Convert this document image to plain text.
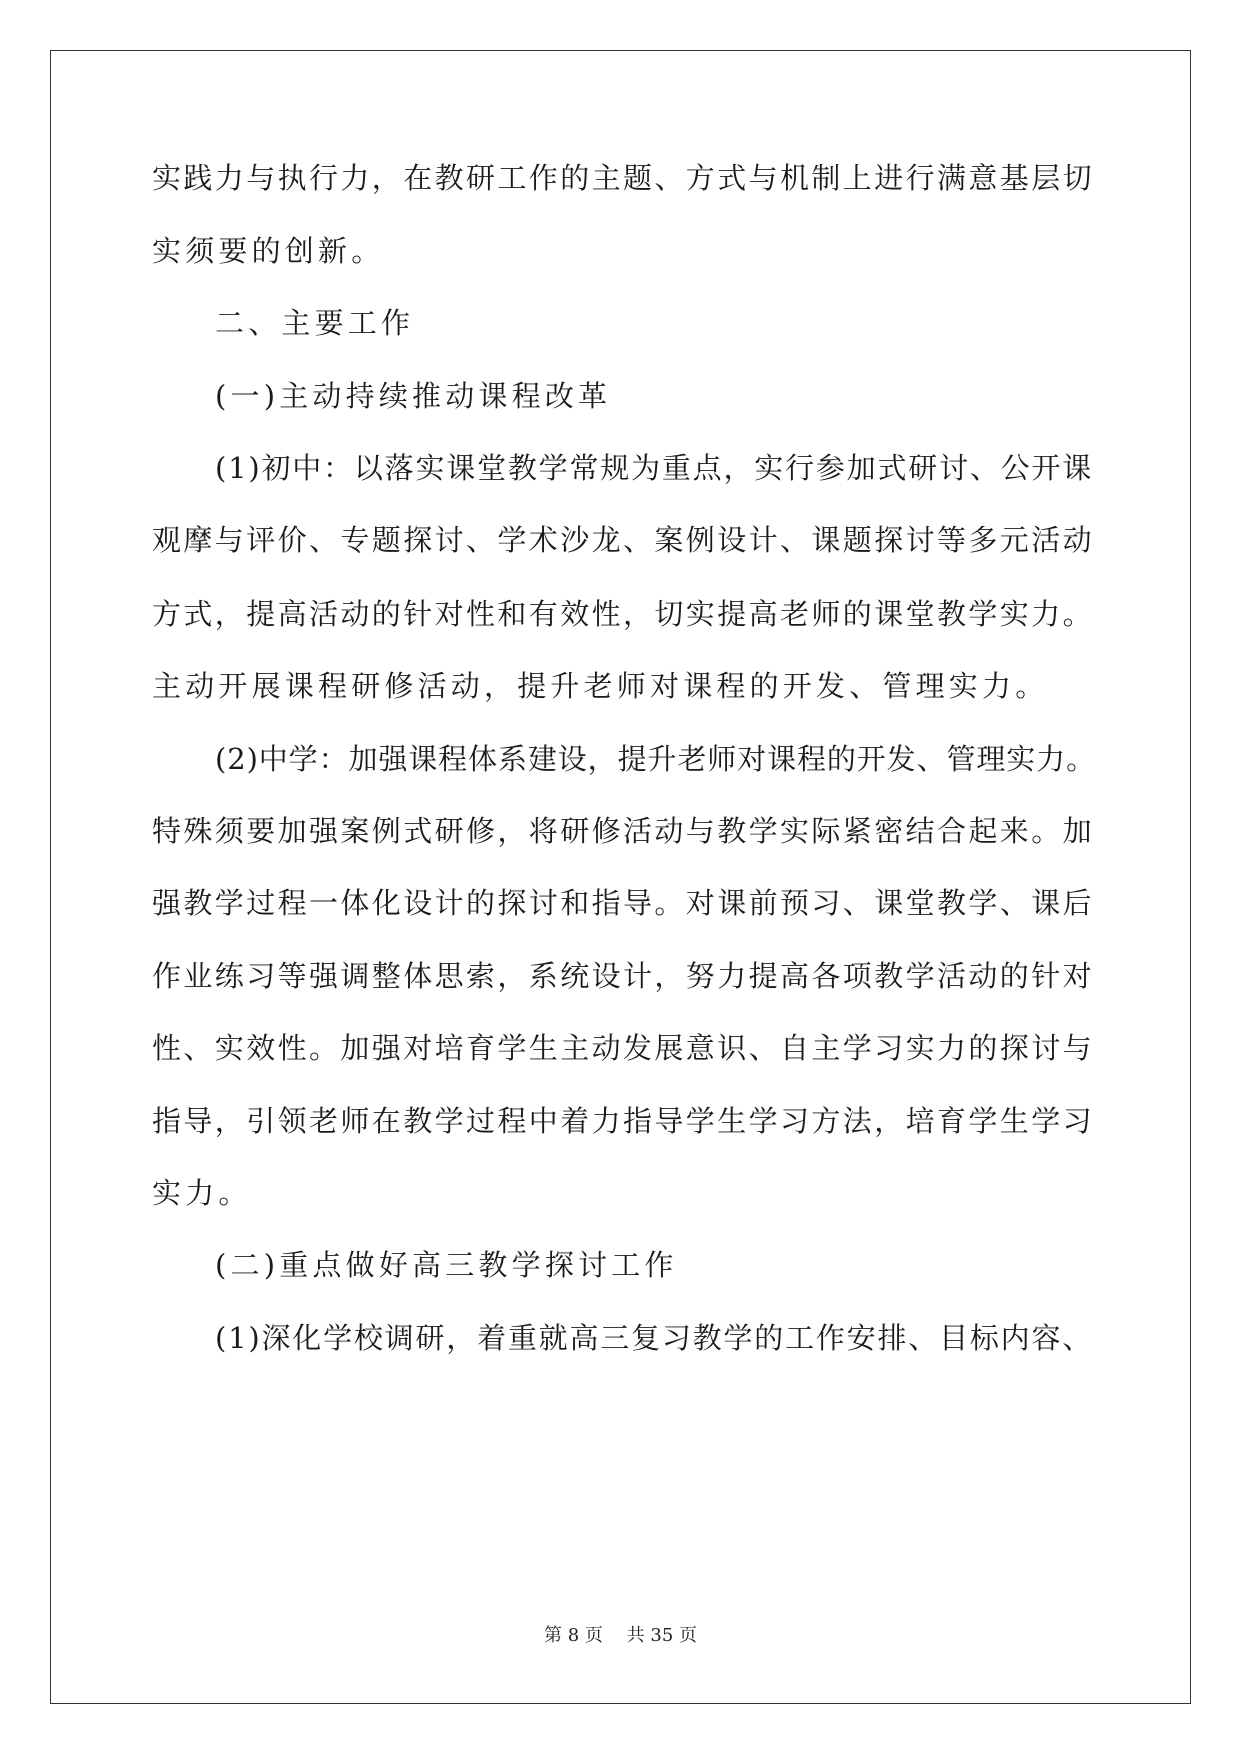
实践力与执行力，在教研工作的主题、方式与机制上进行满意基层切
实须要的创新。
二、主要工作
(一)主动持续推动课程改革
(1)初中：以落实课堂教学常规为重点，实行参加式研讨、公开课
观摩与评价、专题探讨、学术沙龙、案例设计、课题探讨等多元活动
方式，提高活动的针对性和有效性，切实提高老师的课堂教学实力。
主动开展课程研修活动，提升老师对课程的开发、管理实力。
(2)中学：加强课程体系建设，提升老师对课程的开发、管理实力。
特殊须要加强案例式研修，将研修活动与教学实际紧密结合起来。加
强教学过程一体化设计的探讨和指导。对课前预习、课堂教学、课后
作业练习等强调整体思索，系统设计，努力提高各项教学活动的针对
性、实效性。加强对培育学生主动发展意识、自主学习实力的探讨与
指导，引领老师在教学过程中着力指导学生学习方法，培育学生学习
实力。
(二)重点做好高三教学探讨工作
(1)深化学校调研，着重就高三复习教学的工作安排、目标内容、
第 8 页 共 35 页
